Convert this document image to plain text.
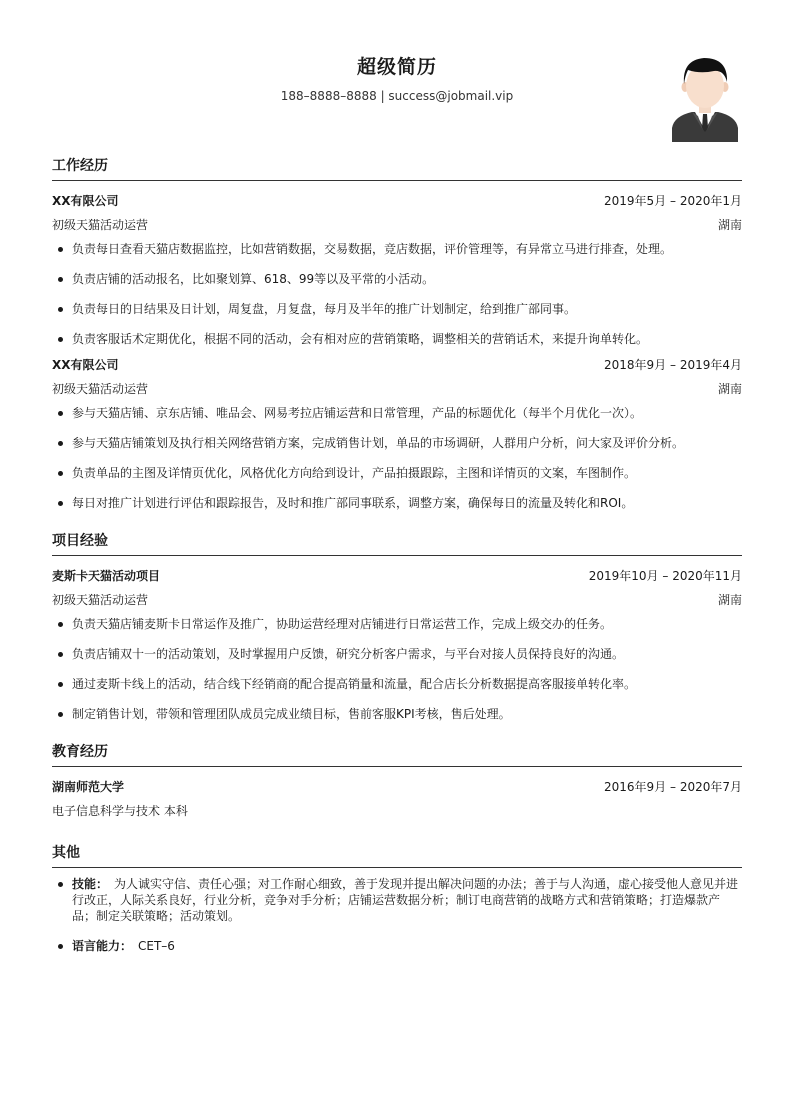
超级简历
188–8888–8888 | success@jobmail.vip
工作经历
XX有限公司	2019年5月 – 2020年1月
初级天猫活动运营	湖南
负责每日查看天猫店数据监控，比如营销数据，交易数据，竞店数据，评价管理等，有异常立马进行排查，处理。
负责店铺的活动报名，比如聚划算、618、99等以及平常的小活动。
负责每日的日结果及日计划，周复盘，月复盘，每月及半年的推广计划制定，给到推广部同事。
负责客服话术定期优化，根据不同的活动，会有相对应的营销策略，调整相关的营销话术，来提升询单转化。
XX有限公司	2018年9月 – 2019年4月
初级天猫活动运营	湖南
参与天猫店铺、京东店铺、唯品会、网易考拉店铺运营和日常管理，产品的标题优化（每半个月优化一次）。
参与天猫店铺策划及执行相关网络营销方案，完成销售计划，单品的市场调研，人群用户分析，问大家及评价分析。
负责单品的主图及详情页优化，风格优化方向给到设计，产品拍摄跟踪，主图和详情页的文案，车图制作。
每日对推广计划进行评估和跟踪报告，及时和推广部同事联系，调整方案，确保每日的流量及转化和ROI。
项目经验
麦斯卡天猫活动项目	2019年10月 – 2020年11月
初级天猫活动运营	湖南
负责天猫店铺麦斯卡日常运作及推广，协助运营经理对店铺进行日常运营工作，完成上级交办的任务。
负责店铺双十一的活动策划，及时掌握用户反馈，研究分析客户需求，与平台对接人员保持良好的沟通。
通过麦斯卡线上的活动，结合线下经销商的配合提高销量和流量，配合店长分析数据提高客服接单转化率。
制定销售计划，带领和管理团队成员完成业绩目标，售前客服KPI考核，售后处理。
教育经历
湖南师范大学	2016年9月 – 2020年7月
电子信息科学与技术 本科
其他
技能： 为人诚实守信、责任心强；对工作耐心细致，善于发现并提出解决问题的办法；善于与人沟通，虚心接受他人意见并进行改正，人际关系良好，行业分析，竞争对手分析；店铺运营数据分析；制订电商营销的战略方式和营销策略；打造爆款产品；制定关联策略；活动策划。
语言能力： CET–6
